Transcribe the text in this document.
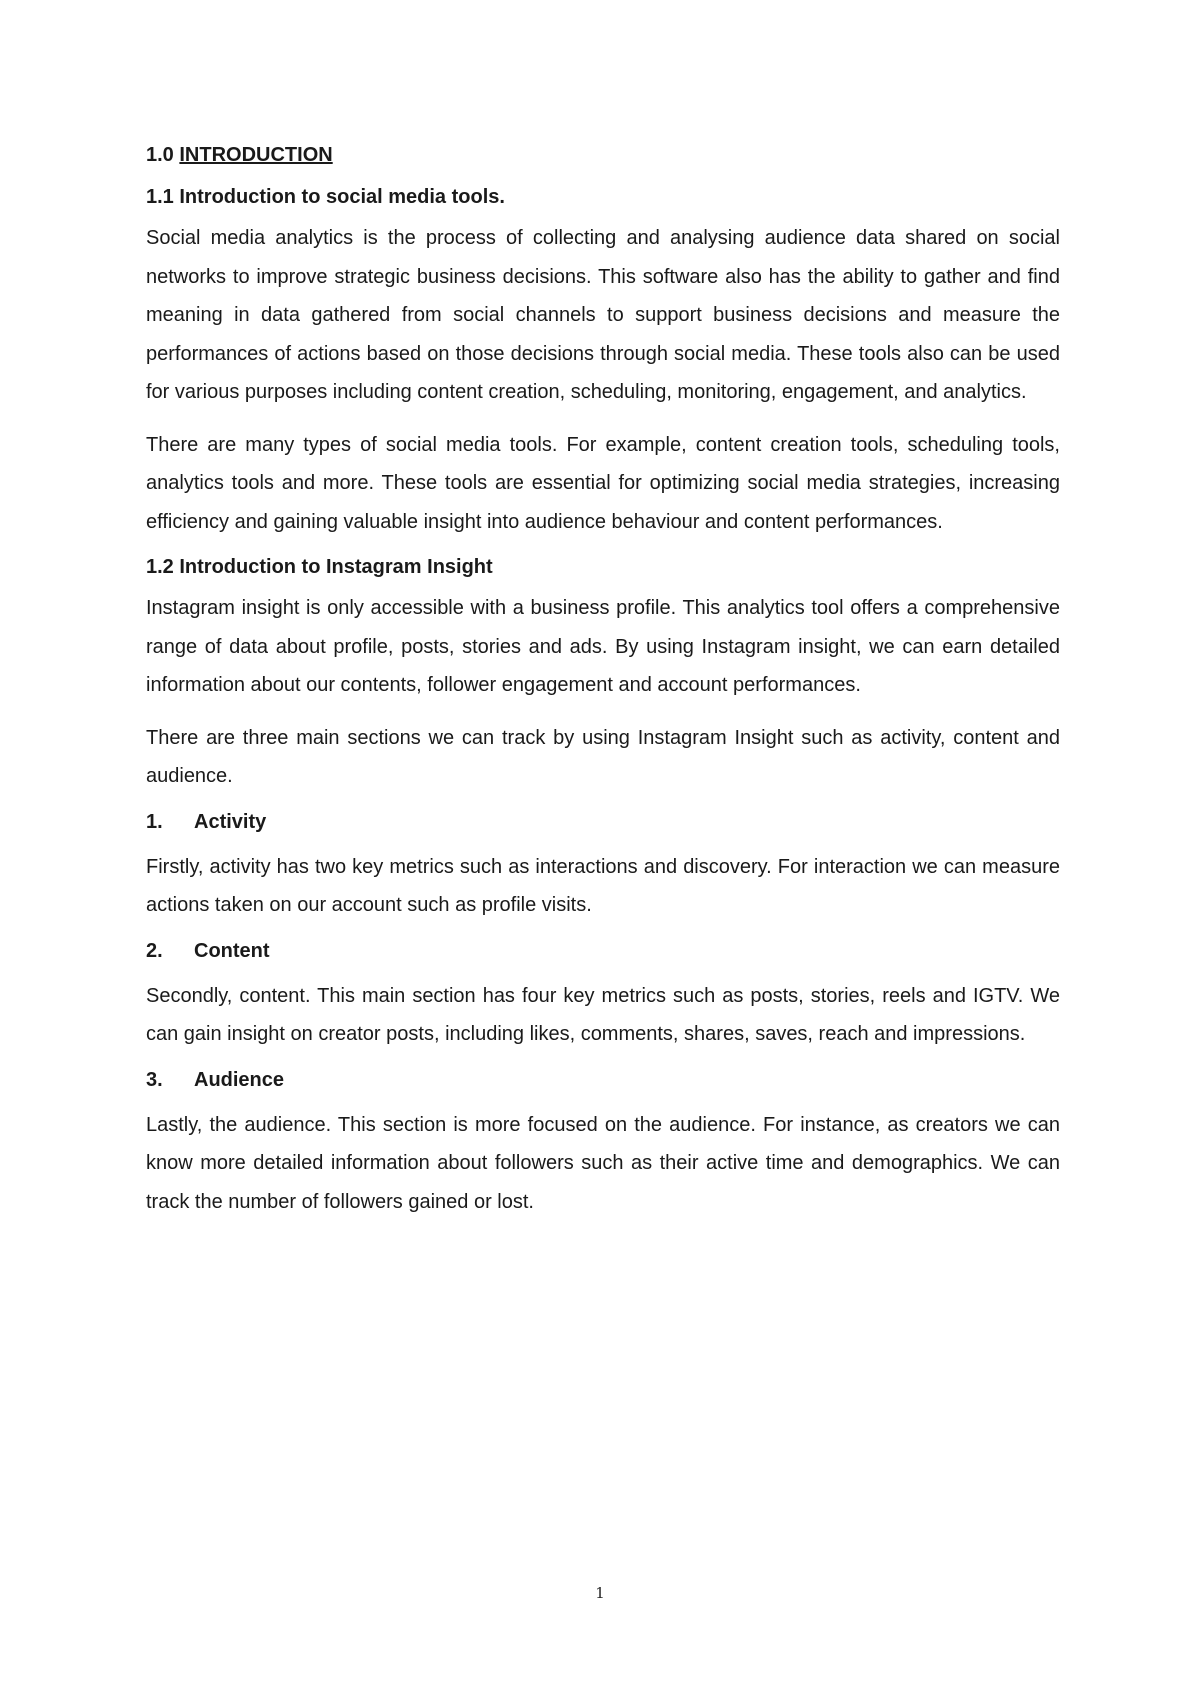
1.0 INTRODUCTION
1.1 Introduction to social media tools.

Social media analytics is the process of collecting and analysing audience data shared on social networks to improve strategic business decisions. This software also has the ability to gather and find meaning in data gathered from social channels to support business decisions and measure the performances of actions based on those decisions through social media. These tools also can be used for various purposes including content creation, scheduling, monitoring, engagement, and analytics.

There are many types of social media tools. For example, content creation tools, scheduling tools, analytics tools and more. These tools are essential for optimizing social media strategies, increasing efficiency and gaining valuable insight into audience behaviour and content performances.

1.2 Introduction to Instagram Insight

Instagram insight is only accessible with a business profile. This analytics tool offers a comprehensive range of data about profile, posts, stories and ads. By using Instagram insight, we can earn detailed information about our contents, follower engagement and account performances.

There are three main sections we can track by using Instagram Insight such as activity, content and audience.

1.	Activity

Firstly, activity has two key metrics such as interactions and discovery. For interaction we can measure actions taken on our account such as profile visits.

2.	Content

Secondly, content. This main section has four key metrics such as posts, stories, reels and IGTV. We can gain insight on creator posts, including likes, comments, shares, saves, reach and impressions.

3.	Audience

Lastly, the audience. This section is more focused on the audience. For instance, as creators we can know more detailed information about followers such as their active time and demographics. We can track the number of followers gained or lost.

1
